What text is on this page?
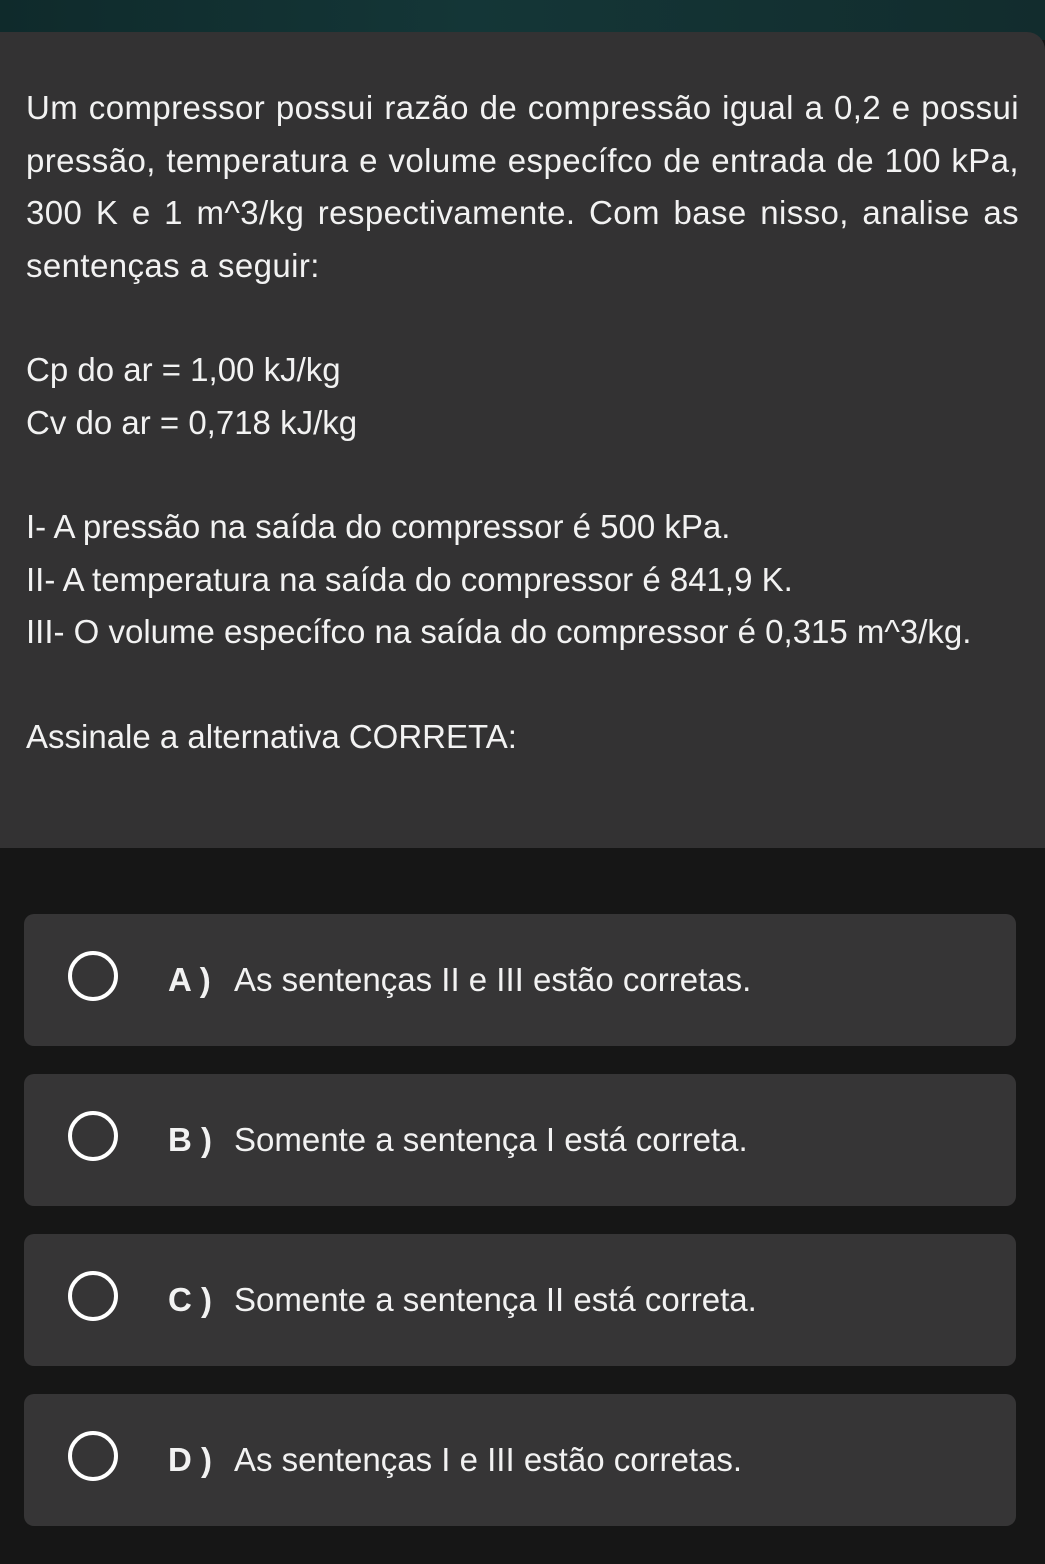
Um compressor possui razão de compressão igual a 0,2 e possui pressão, temperatura e volume específco de entrada de 100 kPa, 300 K e 1 m^3/kg respectivamente. Com base nisso, analise as sentenças a seguir:

Cp do ar = 1,00 kJ/kg

Cv do ar = 0,718 kJ/kg

I- A pressão na saída do compressor é 500 kPa.

II- A temperatura na saída do compressor é 841,9 K.

III- O volume específco na saída do compressor é 0,315 m^3/kg.

Assinale a alternativa CORRETA:

A ) As sentenças II e III estão corretas.
B ) Somente a sentença I está correta.
C ) Somente a sentença II está correta.
D ) As sentenças I e III estão corretas.
